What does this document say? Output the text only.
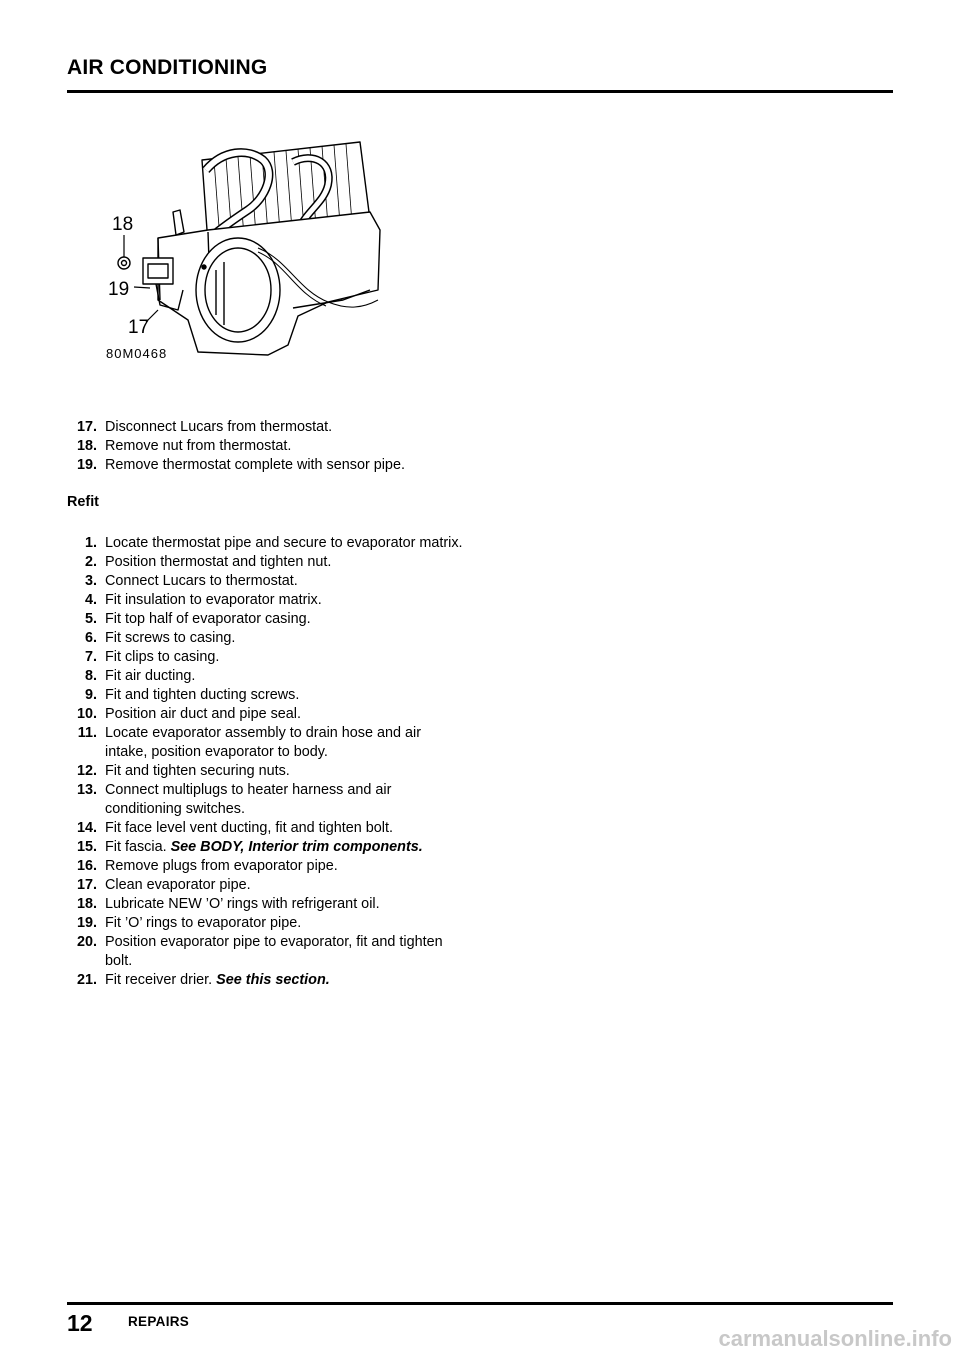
AIR CONDITIONING
18
19
17
80M0468
17. Disconnect Lucars from thermostat.
18. Remove nut from thermostat.
19. Remove thermostat complete with sensor pipe.
Refit
1. Locate thermostat pipe and secure to evaporator matrix.
2. Position thermostat and tighten nut.
3. Connect Lucars to thermostat.
4. Fit insulation to evaporator matrix.
5. Fit top half of evaporator casing.
6. Fit screws to casing.
7. Fit clips to casing.
8. Fit air ducting.
9. Fit and tighten ducting screws.
10. Position air duct and pipe seal.
11. Locate evaporator assembly to drain hose and air intake, position evaporator to body.
12. Fit and tighten securing nuts.
13. Connect multiplugs to heater harness and air conditioning switches.
14. Fit face level vent ducting, fit and tighten bolt.
15. Fit fascia. See BODY, Interior trim components.
16. Remove plugs from evaporator pipe.
17. Clean evaporator pipe.
18. Lubricate NEW ’O’ rings with refrigerant oil.
19. Fit ’O’ rings to evaporator pipe.
20. Position evaporator pipe to evaporator, fit and tighten bolt.
21. Fit receiver drier. See this section.
12	REPAIRS
carmanualsonline.info
